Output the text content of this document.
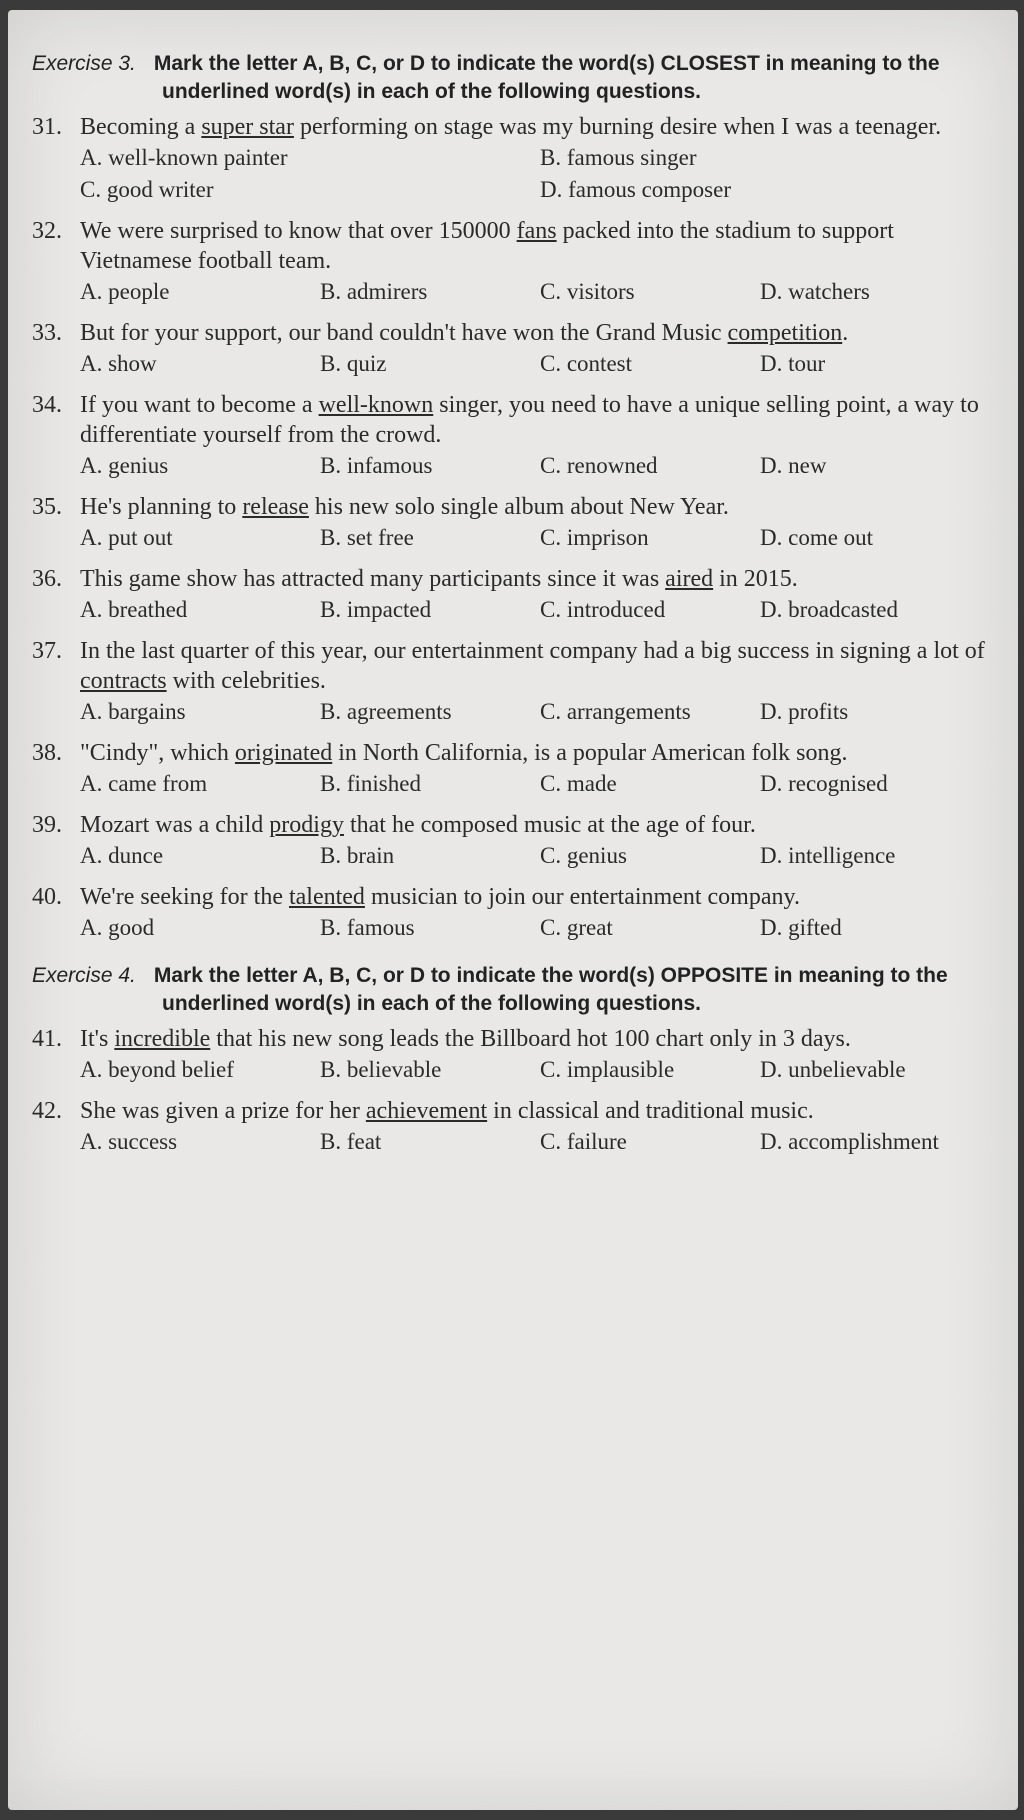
Exercise 3. Mark the letter A, B, C, or D to indicate the word(s) CLOSEST in meaning to the
underlined word(s) in each of the following questions.
31. Becoming a super star performing on stage was my burning desire when I was a teenager.
A. well-known painter	B. famous singer
C. good writer	D. famous composer
32. We were surprised to know that over 150000 fans packed into the stadium to support Vietnamese football team.
A. people	B. admirers	C. visitors	D. watchers
33. But for your support, our band couldn't have won the Grand Music competition.
A. show	B. quiz	C. contest	D. tour
34. If you want to become a well-known singer, you need to have a unique selling point, a way to differentiate yourself from the crowd.
A. genius	B. infamous	C. renowned	D. new
35. He's planning to release his new solo single album about New Year.
A. put out	B. set free	C. imprison	D. come out
36. This game show has attracted many participants since it was aired in 2015.
A. breathed	B. impacted	C. introduced	D. broadcasted
37. In the last quarter of this year, our entertainment company had a big success in signing a lot of contracts with celebrities.
A. bargains	B. agreements	C. arrangements	D. profits
38. "Cindy", which originated in North California, is a popular American folk song.
A. came from	B. finished	C. made	D. recognised
39. Mozart was a child prodigy that he composed music at the age of four.
A. dunce	B. brain	C. genius	D. intelligence
40. We're seeking for the talented musician to join our entertainment company.
A. good	B. famous	C. great	D. gifted
Exercise 4. Mark the letter A, B, C, or D to indicate the word(s) OPPOSITE in meaning to the
underlined word(s) in each of the following questions.
41. It's incredible that his new song leads the Billboard hot 100 chart only in 3 days.
A. beyond belief	B. believable	C. implausible	D. unbelievable
42. She was given a prize for her achievement in classical and traditional music.
A. success	B. feat	C. failure	D. accomplishment
